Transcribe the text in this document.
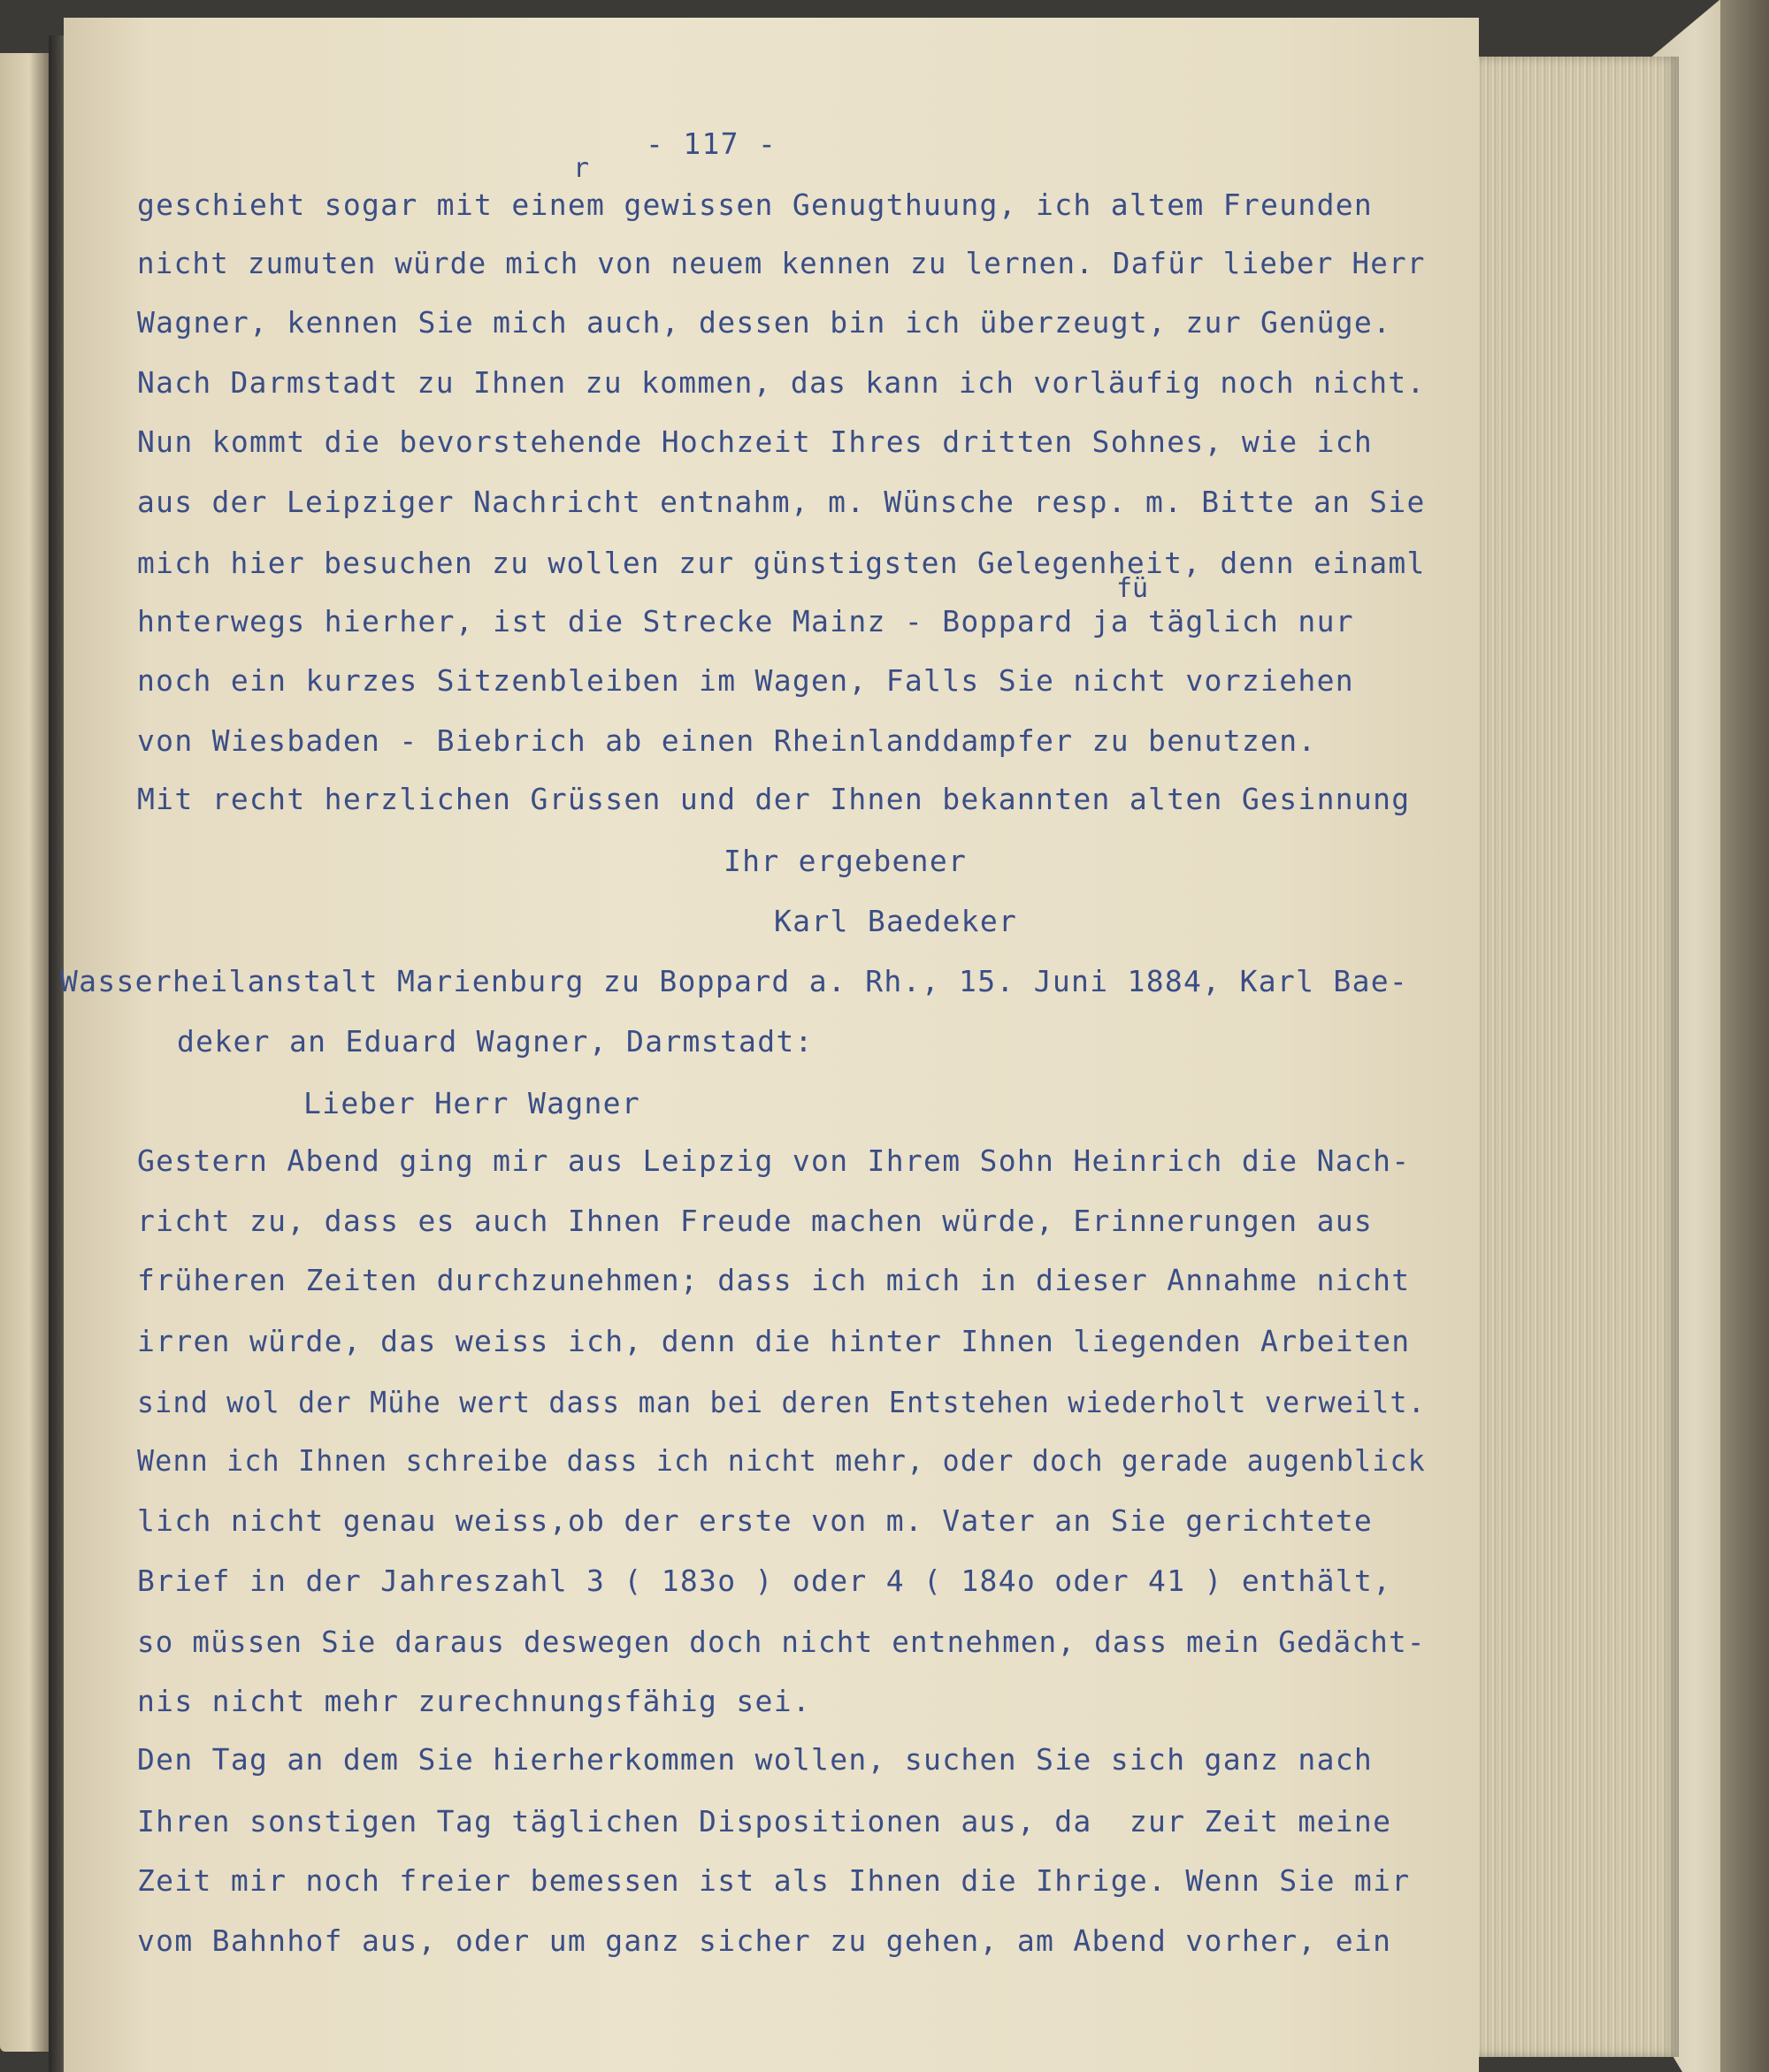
- 117 -
r
fü
geschieht sogar mit einem gewissen Genugthuung, ich altem Freunden
nicht zumuten würde mich von neuem kennen zu lernen. Dafür lieber Herr
Wagner, kennen Sie mich auch, dessen bin ich überzeugt, zur Genüge.
Nach Darmstadt zu Ihnen zu kommen, das kann ich vorläufig noch nicht.
Nun kommt die bevorstehende Hochzeit Ihres dritten Sohnes, wie ich
aus der Leipziger Nachricht entnahm, m. Wünsche resp. m. Bitte an Sie
mich hier besuchen zu wollen zur günstigsten Gelegenheit, denn einaml
hnterwegs hierher, ist die Strecke Mainz - Boppard ja täglich nur
noch ein kurzes Sitzenbleiben im Wagen, Falls Sie nicht vorziehen
von Wiesbaden - Biebrich ab einen Rheinlanddampfer zu benutzen.
Mit recht herzlichen Grüssen und der Ihnen bekannten alten Gesinnung
Ihr ergebener
Karl Baedeker
Wasserheilanstalt Marienburg zu Boppard a. Rh., 15. Juni 1884, Karl Bae-
deker an Eduard Wagner, Darmstadt:
Lieber Herr Wagner
Gestern Abend ging mir aus Leipzig von Ihrem Sohn Heinrich die Nach-
richt zu, dass es auch Ihnen Freude machen würde, Erinnerungen aus
früheren Zeiten durchzunehmen; dass ich mich in dieser Annahme nicht
irren würde, das weiss ich, denn die hinter Ihnen liegenden Arbeiten
sind wol der Mühe wert dass man bei deren Entstehen wiederholt verweilt.
Wenn ich Ihnen schreibe dass ich nicht mehr, oder doch gerade augenblick
lich nicht genau weiss,ob der erste von m. Vater an Sie gerichtete
Brief in der Jahreszahl 3 ( 183o ) oder 4 ( 184o oder 41 ) enthält,
so müssen Sie daraus deswegen doch nicht entnehmen, dass mein Gedächt-
nis nicht mehr zurechnungsfähig sei.
Den Tag an dem Sie hierherkommen wollen, suchen Sie sich ganz nach
Ihren sonstigen Tag täglichen Dispositionen aus, da  zur Zeit meine
Zeit mir noch freier bemessen ist als Ihnen die Ihrige. Wenn Sie mir
vom Bahnhof aus, oder um ganz sicher zu gehen, am Abend vorher, ein
